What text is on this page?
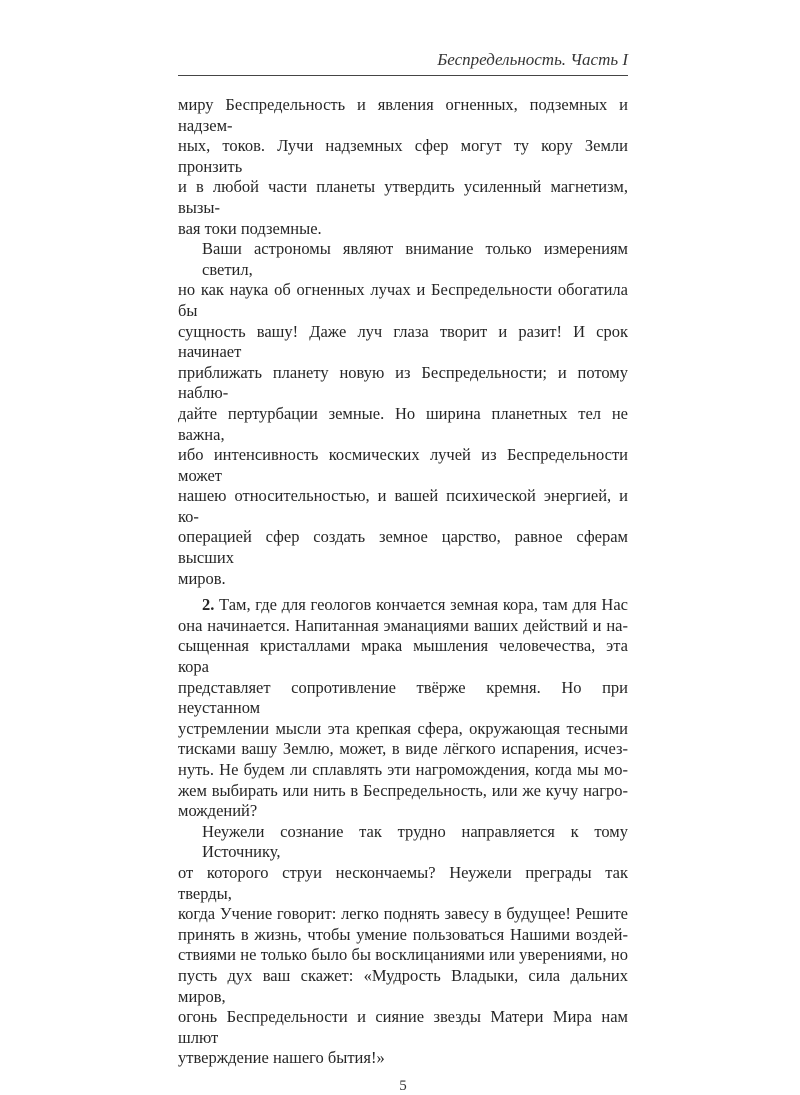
Беспредельность. Часть I
миру Беспредельность и явления огненных, подземных и надзем-
ных, токов. Лучи надземных сфер могут ту кору Земли пронзить
и в любой части планеты утвердить усиленный магнетизм, вызы-
вая токи подземные.
Ваши астрономы являют внимание только измерениям светил,
но как наука об огненных лучах и Беспредельности обогатила бы
сущность вашу! Даже луч глаза творит и разит! И срок начинает
приближать планету новую из Беспредельности; и потому наблю-
дайте пертурбации земные. Но ширина планетных тел не важна,
ибо интенсивность космических лучей из Беспредельности может
нашею относительностью, и вашей психической энергией, и ко-
операцией сфер создать земное царство, равное сферам высших
миров.
2. Там, где для геологов кончается земная кора, там для Нас
она начинается. Напитанная эманациями ваших действий и на-
сыщенная кристаллами мрака мышления человечества, эта кора
представляет сопротивление твёрже кремня. Но при неустанном
устремлении мысли эта крепкая сфера, окружающая тесными
тисками вашу Землю, может, в виде лёгкого испарения, исчез-
нуть. Не будем ли сплавлять эти нагромождения, когда мы мо-
жем выбирать или нить в Беспредельность, или же кучу нагро-
мождений?
Неужели сознание так трудно направляется к тому Источнику,
от которого струи нескончаемы? Неужели преграды так тверды,
когда Учение говорит: легко поднять завесу в будущее! Решите
принять в жизнь, чтобы умение пользоваться Нашими воздей-
ствиями не только было бы восклицаниями или уверениями, но
пусть дух ваш скажет: «Мудрость Владыки, сила дальних миров,
огонь Беспредельности и сияние звезды Матери Мира нам шлют
утверждение нашего бытия!»
5
